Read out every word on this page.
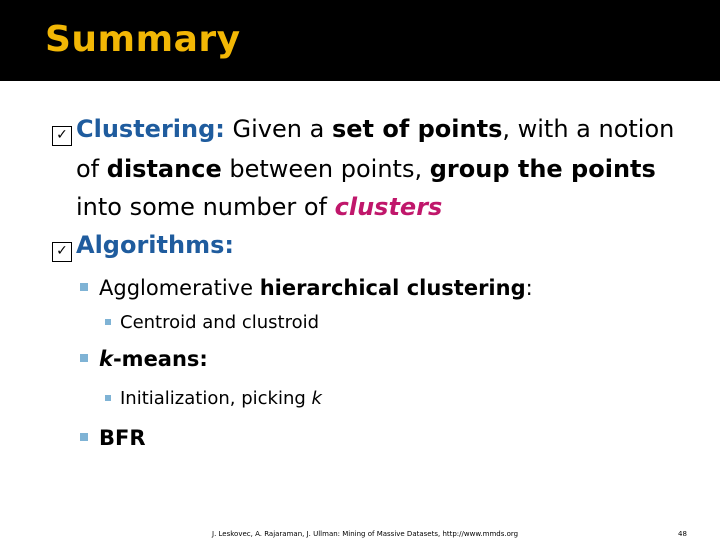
Summary
✓ Clustering: Given a set of points, with a notion
of distance between points, group the points
into some number of clusters
✓ Algorithms:
Agglomerative hierarchical clustering:
Centroid and clustroid
k-means:
Initialization, picking k
BFR
J. Leskovec, A. Rajaraman, J. Ullman: Mining of Massive Datasets, http://www.mmds.org	48
